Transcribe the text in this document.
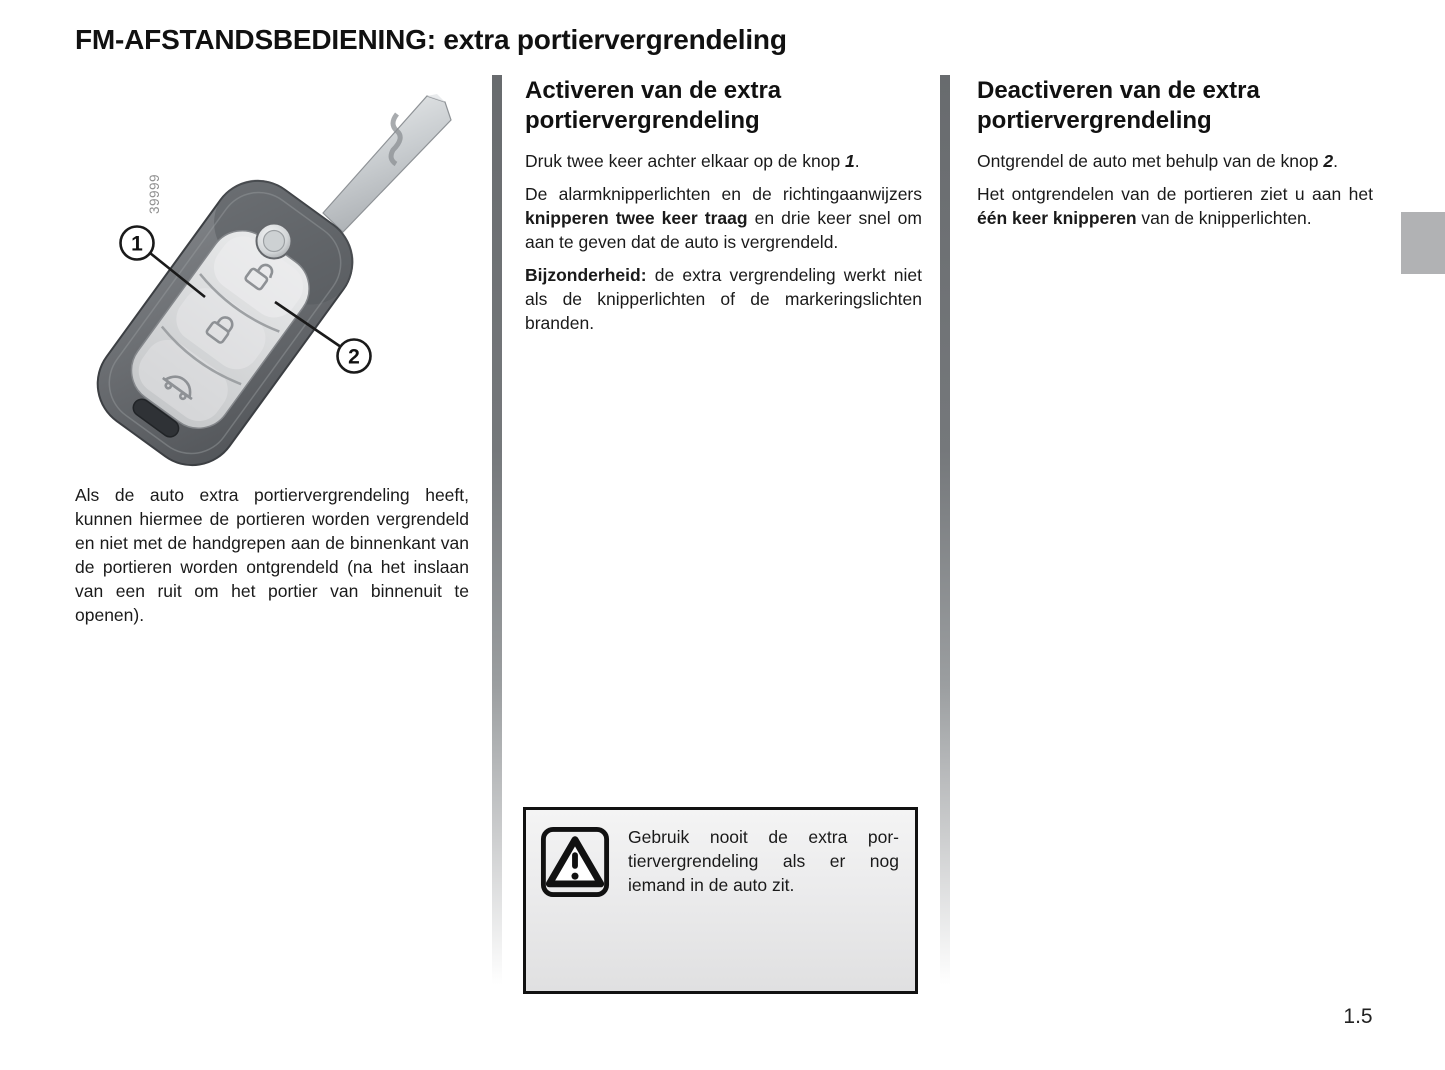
FM-AFSTANDSBEDIENING: extra portiervergrendeling
39999
1
2

Als de auto extra portiervergrendeling heeft, kunnen hiermee de portieren worden vergrendeld en niet met de handgrepen aan de binnenkant van de portieren worden ontgrendeld (na het inslaan van een ruit om het portier van binnenuit te openen).

Activeren van de extra portiervergrendeling

Druk twee keer achter elkaar op de knop 1.

De alarmknipperlichten en de richtingaanwijzers knipperen twee keer traag en drie keer snel om aan te geven dat de auto is vergrendeld.

Bijzonderheid: de extra vergrendeling werkt niet als de knipperlichten of de markeringslichten branden.

Deactiveren van de extra portiervergrendeling

Ontgrendel de auto met behulp van de knop 2.

Het ontgrendelen van de portieren ziet u aan het één keer knipperen van de knipperlichten.

Gebruik nooit de extra portiervergrendeling als er nog iemand in de auto zit.

1.5
